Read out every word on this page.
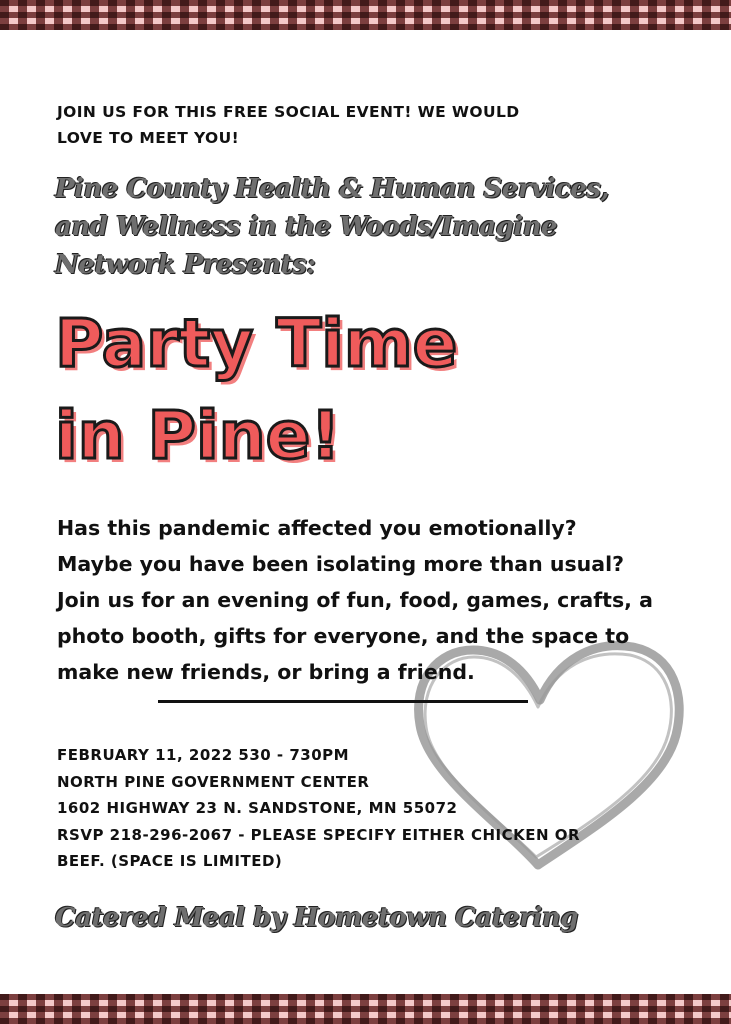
JOIN US FOR THIS FREE SOCIAL EVENT! WE WOULD
LOVE TO MEET YOU!
Pine County Health & Human Services,
and Wellness in the Woods/Imagine
Network Presents:
Party Time
in Pine!
Has this pandemic affected you emotionally?
Maybe you have been isolating more than usual?
Join us for an evening of fun, food, games, crafts, a
photo booth, gifts for everyone, and the space to
make new friends, or bring a friend.
FEBRUARY 11, 2022 530 - 730PM
NORTH PINE GOVERNMENT CENTER
1602 HIGHWAY 23 N. SANDSTONE, MN 55072
RSVP 218-296-2067 - PLEASE SPECIFY EITHER CHICKEN OR
BEEF. (SPACE IS LIMITED)
Catered Meal by Hometown Catering
